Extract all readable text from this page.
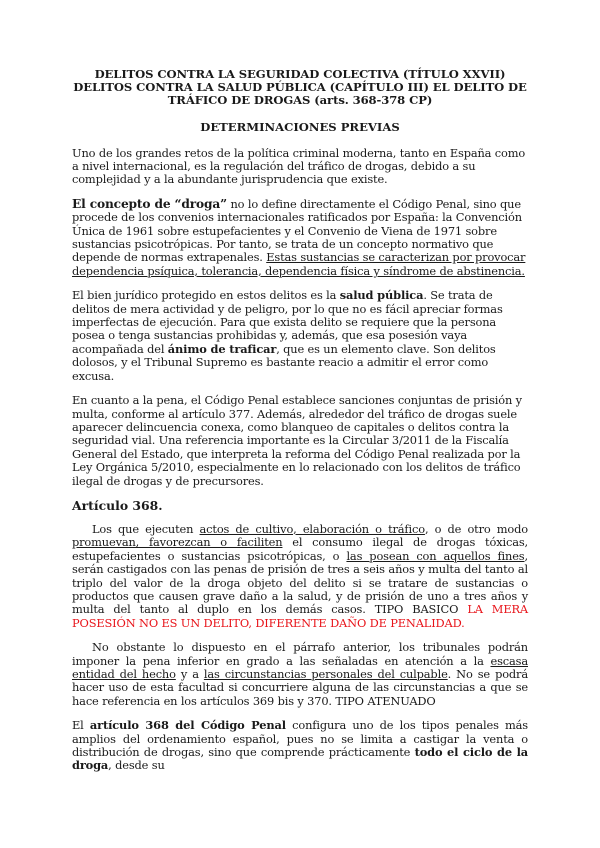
DELITOS CONTRA LA SEGURIDAD COLECTIVA (TÍTULO XXVII)
DELITOS CONTRA LA SALUD PÚBLICA (CAPÍTULO III) EL DELITO DE
TRÁFICO DE DROGAS (arts. 368-378 CP)
DETERMINACIONES PREVIAS

Uno de los grandes retos de la política criminal moderna, tanto en España como a nivel internacional, es la regulación del tráfico de drogas, debido a su complejidad y a la abundante jurisprudencia que existe.

El concepto de “droga” no lo define directamente el Código Penal, sino que procede de los convenios internacionales ratificados por España: la Convención Única de 1961 sobre estupefacientes y el Convenio de Viena de 1971 sobre sustancias psicotrópicas. Por tanto, se trata de un concepto normativo que depende de normas extrapenales. Estas sustancias se caracterizan por provocar dependencia psíquica, tolerancia, dependencia física y síndrome de abstinencia.

El bien jurídico protegido en estos delitos es la salud pública. Se trata de delitos de mera actividad y de peligro, por lo que no es fácil apreciar formas imperfectas de ejecución. Para que exista delito se requiere que la persona posea o tenga sustancias prohibidas y, además, que esa posesión vaya acompañada del ánimo de traficar, que es un elemento clave. Son delitos dolosos, y el Tribunal Supremo es bastante reacio a admitir el error como excusa.

En cuanto a la pena, el Código Penal establece sanciones conjuntas de prisión y multa, conforme al artículo 377. Además, alrededor del tráfico de drogas suele aparecer delincuencia conexa, como blanqueo de capitales o delitos contra la seguridad vial. Una referencia importante es la Circular 3/2011 de la Fiscalía General del Estado, que interpreta la reforma del Código Penal realizada por la Ley Orgánica 5/2010, especialmente en lo relacionado con los delitos de tráfico ilegal de drogas y de precursores.

Artículo 368.

Los que ejecuten actos de cultivo, elaboración o tráfico, o de otro modo promuevan, favorezcan o faciliten el consumo ilegal de drogas tóxicas, estupefacientes o sustancias psicotrópicas, o las posean con aquellos fines, serán castigados con las penas de prisión de tres a seis años y multa del tanto al triplo del valor de la droga objeto del delito si se tratare de sustancias o productos que causen grave daño a la salud, y de prisión de uno a tres años y multa del tanto al duplo en los demás casos. TIPO BASICO LA MERA POSESIÓN NO ES UN DELITO, DIFERENTE DAÑO DE PENALIDAD.

No obstante lo dispuesto en el párrafo anterior, los tribunales podrán imponer la pena inferior en grado a las señaladas en atención a la escasa entidad del hecho y a las circunstancias personales del culpable. No se podrá hacer uso de esta facultad si concurriere alguna de las circunstancias a que se hace referencia en los artículos 369 bis y 370. TIPO ATENUADO

El artículo 368 del Código Penal configura uno de los tipos penales más amplios del ordenamiento español, pues no se limita a castigar la venta o distribución de drogas, sino que comprende prácticamente todo el ciclo de la droga, desde su
